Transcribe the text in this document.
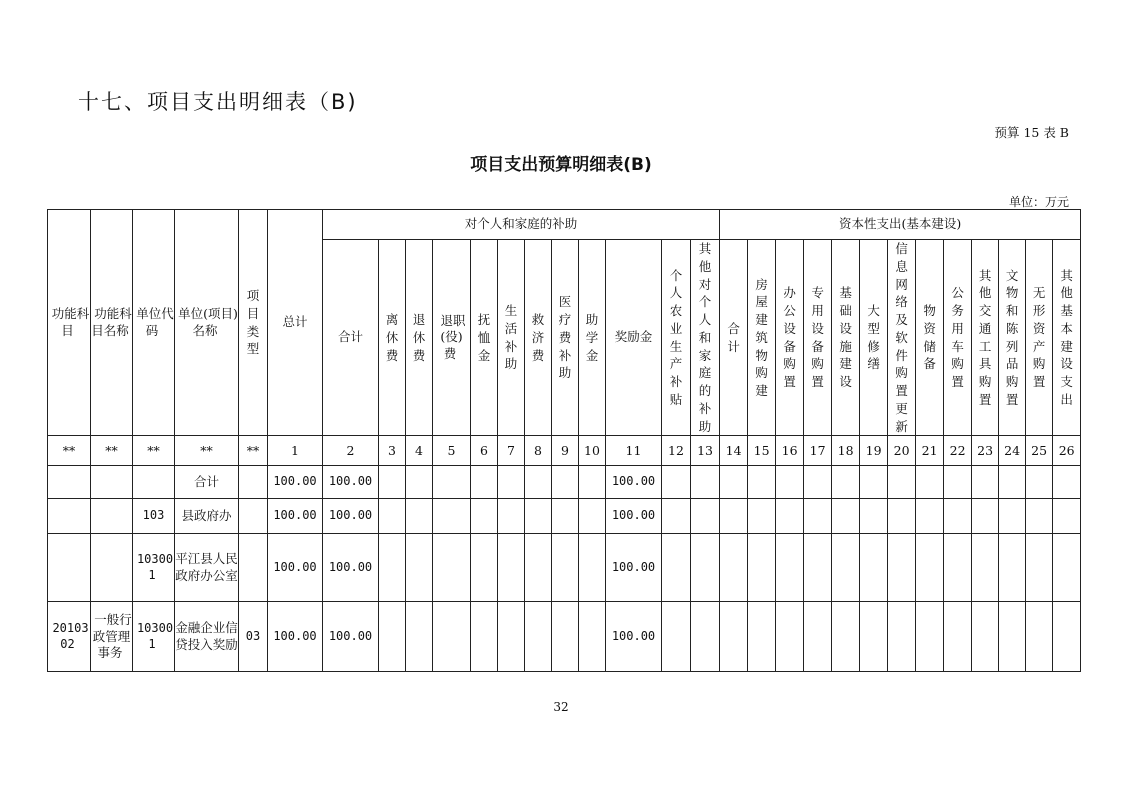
十七、项目支出明细表（B)
预算 15 表 B
项目支出预算明细表(B)
单位：万元
功能科目	功能科目名称	单位代码	单位(项目)名称	项目类型	总计	对个人和家庭的补助												资本性支出(基本建设)												
						合计	离休费	退休费	退职(役)费	抚恤金	生活补助	救济费	医疗费补助	助学金	奖励金	个人农业生产补贴	其他对个人和家庭的补助	合计	房屋建筑物购建	办公设备购置	专用设备购置	基础设施建设	大型修缮	信息网络及软件购置更新	物资储备	公务用车购置	其他交通工具购置	文物和陈列品购置	无形资产购置	其他基本建设支出
**	**	**	**	**	1	2	3	4	5	6	7	8	9	10	11	12	13	14	15	16	17	18	19	20	21	22	23	24	25	26
			合计		100.00	100.00									100.00															
		103	县政府办		100.00	100.00									100.00															
		103001	平江县人民政府办公室		100.00	100.00									100.00															
2010302	一般行政管理事务	103001	金融企业信贷投入奖励	03	100.00	100.00									100.00															
32
